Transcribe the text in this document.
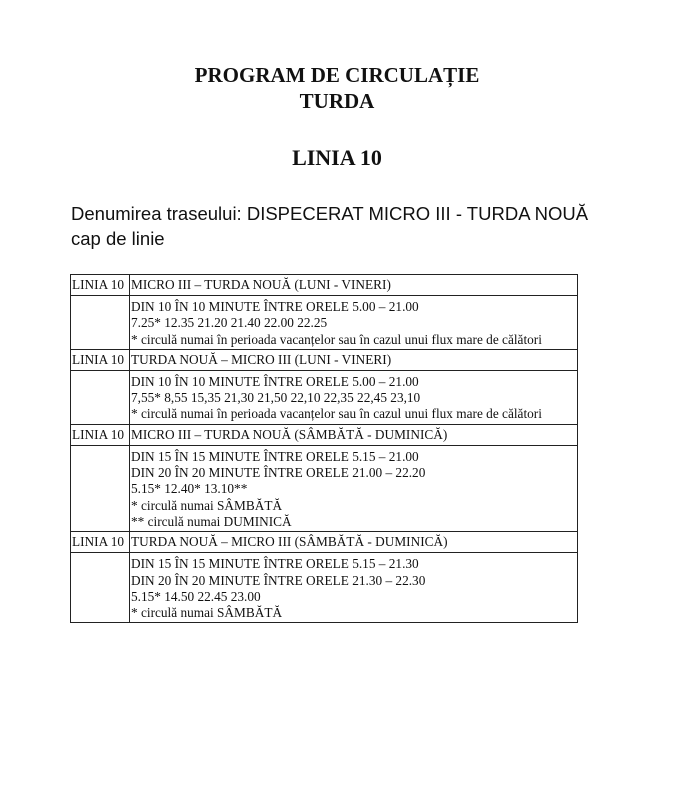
PROGRAM DE CIRCULAȚIE
TURDA
LINIA 10

Denumirea traseului: DISPECERAT MICRO III - TURDA NOUĂ cap de linie

LINIA 10	MICRO III – TURDA NOUĂ (LUNI - VINERI)

	DIN 10 ÎN 10 MINUTE ÎNTRE ORELE 5.00 – 21.00
7.25* 12.35 21.20 21.40 22.00 22.25
* circulă numai în perioada vacanțelor sau în cazul unui flux mare de călători

LINIA 10	TURDA NOUĂ – MICRO III (LUNI - VINERI)

	DIN 10 ÎN 10 MINUTE ÎNTRE ORELE 5.00 – 21.00
7,55* 8,55 15,35 21,30 21,50 22,10 22,35 22,45 23,10
* circulă numai în perioada vacanțelor sau în cazul unui flux mare de călători

LINIA 10	MICRO III – TURDA NOUĂ (SÂMBĂTĂ - DUMINICĂ)

	DIN 15 ÎN 15 MINUTE ÎNTRE ORELE 5.15 – 21.00
DIN 20 ÎN 20 MINUTE ÎNTRE ORELE 21.00 – 22.20
5.15* 12.40* 13.10**
* circulă numai SÂMBĂTĂ
** circulă numai DUMINICĂ

LINIA 10	TURDA NOUĂ – MICRO III (SÂMBĂTĂ - DUMINICĂ)

	DIN 15 ÎN 15 MINUTE ÎNTRE ORELE 5.15 – 21.30
DIN 20 ÎN 20 MINUTE ÎNTRE ORELE 21.30 – 22.30
5.15* 14.50 22.45 23.00
* circulă numai SÂMBĂTĂ
